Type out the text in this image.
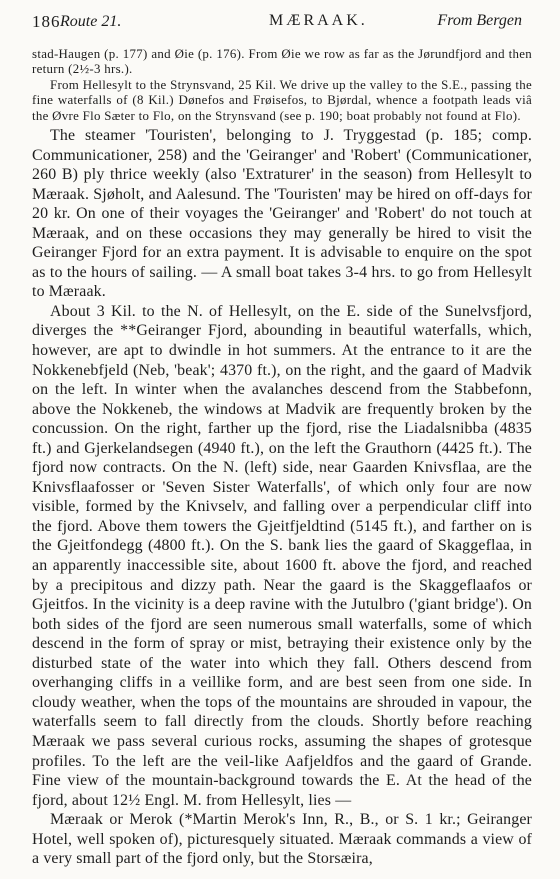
186 Route 21.	MÆRAAK.	From Bergen

stad-Haugen (p. 177) and Øie (p. 176). From Øie we row as far as the Jørundfjord and then return (2½-3 hrs.).

From Hellesylt to the Strynsvand, 25 Kil. We drive up the valley to the S.E., passing the fine waterfalls of (8 Kil.) Dønefos and Frøisefos, to Bjørdal, whence a footpath leads viâ the Øvre Flo Sæter to Flo, on the Strynsvand (see p. 190; boat probably not found at Flo).

The steamer 'Touristen', belonging to J. Tryggestad (p. 185; comp. Communicationer, 258) and the 'Geiranger' and 'Robert' (Communicationer, 260 B) ply thrice weekly (also 'Extraturer' in the season) from Hellesylt to Mæraak. Sjøholt, and Aalesund. The 'Touristen' may be hired on off-days for 20 kr. On one of their voyages the 'Geiranger' and 'Robert' do not touch at Mæraak, and on these occasions they may generally be hired to visit the Geiranger Fjord for an extra payment. It is advisable to enquire on the spot as to the hours of sailing. — A small boat takes 3-4 hrs. to go from Hellesylt to Mæraak.

About 3 Kil. to the N. of Hellesylt, on the E. side of the Sunelvsfjord, diverges the **Geiranger Fjord, abounding in beautiful waterfalls, which, however, are apt to dwindle in hot summers. At the entrance to it are the Nokkenebfjeld (Neb, 'beak'; 4370 ft.), on the right, and the gaard of Madvik on the left. In winter when the avalanches descend from the Stabbefonn, above the Nokkeneb, the windows at Madvik are frequently broken by the concussion. On the right, farther up the fjord, rise the Liadalsnibba (4835 ft.) and Gjerkelandsegen (4940 ft.), on the left the Grauthorn (4425 ft.). The fjord now contracts. On the N. (left) side, near Gaarden Knivsflaa, are the Knivsflaafosser or 'Seven Sister Waterfalls', of which only four are now visible, formed by the Knivselv, and falling over a perpendicular cliff into the fjord. Above them towers the Gjeitfjeldtind (5145 ft.), and farther on is the Gjeitfondegg (4800 ft.). On the S. bank lies the gaard of Skaggeflaa, in an apparently inaccessible site, about 1600 ft. above the fjord, and reached by a precipitous and dizzy path. Near the gaard is the Skaggeflaafos or Gjeitfos. In the vicinity is a deep ravine with the Jutulbro ('giant bridge'). On both sides of the fjord are seen numerous small waterfalls, some of which descend in the form of spray or mist, betraying their existence only by the disturbed state of the water into which they fall. Others descend from overhanging cliffs in a veillike form, and are best seen from one side. In cloudy weather, when the tops of the mountains are shrouded in vapour, the waterfalls seem to fall directly from the clouds. Shortly before reaching Mæraak we pass several curious rocks, assuming the shapes of grotesque profiles. To the left are the veil-like Aafjeldfos and the gaard of Grande. Fine view of the mountain-background towards the E. At the head of the fjord, about 12½ Engl. M. from Hellesylt, lies —

Mæraak or Merok (*Martin Merok's Inn, R., B., or S. 1 kr.; Geiranger Hotel, well spoken of), picturesquely situated. Mæraak commands a view of a very small part of the fjord only, but the Storsæira,
